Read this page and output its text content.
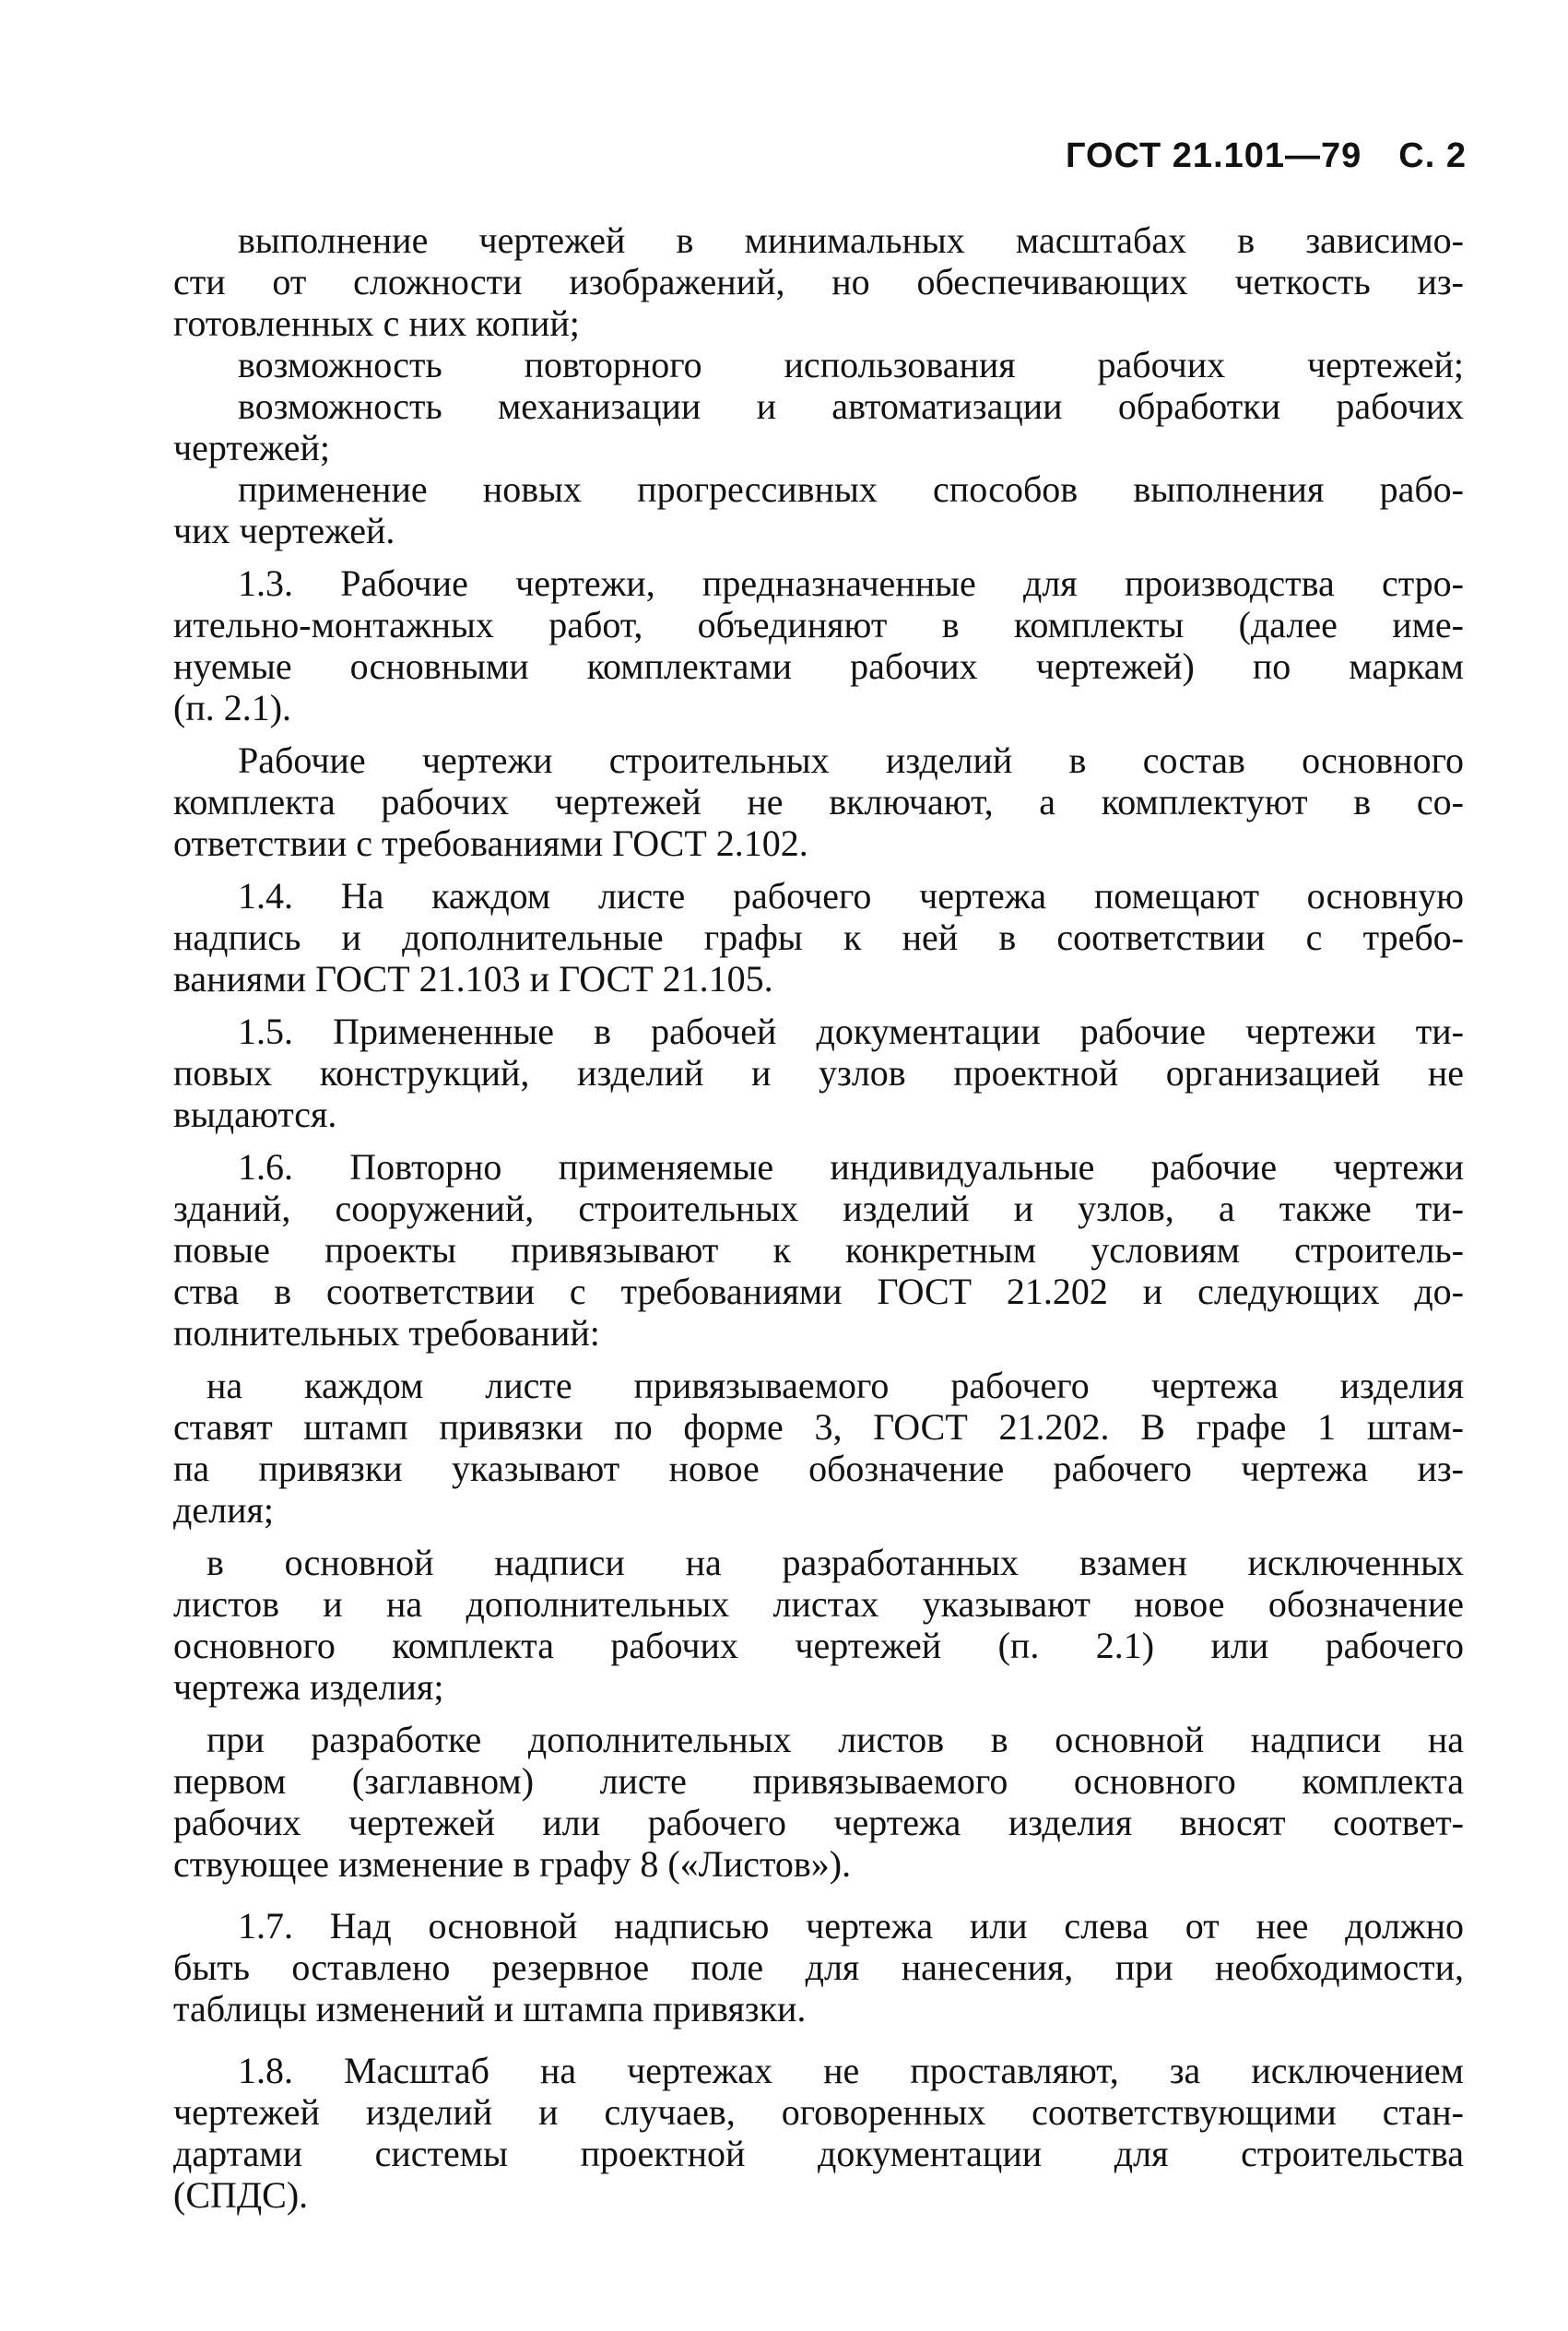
ГОСТ 21.101—79 С. 2
выполнение чертежей в минимальных масштабах в зависимо-
сти от сложности изображений, но обеспечивающих четкость из-
готовленных с них копий;
возможность повторного использования рабочих чертежей;
возможность механизации и автоматизации обработки рабочих
чертежей;
применение новых прогрессивных способов выполнения рабо-
чих чертежей.
1.3. Рабочие чертежи, предназначенные для производства стро-
ительно-монтажных работ, объединяют в комплекты (далее име-
нуемые основными комплектами рабочих чертежей) по маркам
(п. 2.1).
Рабочие чертежи строительных изделий в состав основного
комплекта рабочих чертежей не включают, а комплектуют в со-
ответствии с требованиями ГОСТ 2.102.
1.4. На каждом листе рабочего чертежа помещают основную
надпись и дополнительные графы к ней в соответствии с требо-
ваниями ГОСТ 21.103 и ГОСТ 21.105.
1.5. Примененные в рабочей документации рабочие чертежи ти-
повых конструкций, изделий и узлов проектной организацией не
выдаются.
1.6. Повторно применяемые индивидуальные рабочие чертежи
зданий, сооружений, строительных изделий и узлов, а также ти-
повые проекты привязывают к конкретным условиям строитель-
ства в соответствии с требованиями ГОСТ 21.202 и следующих до-
полнительных требований:
на каждом листе привязываемого рабочего чертежа изделия
ставят штамп привязки по форме 3, ГОСТ 21.202. В графе 1 штам-
па привязки указывают новое обозначение рабочего чертежа из-
делия;
в основной надписи на разработанных взамен исключенных
листов и на дополнительных листах указывают новое обозначение
основного комплекта рабочих чертежей (п. 2.1) или рабочего
чертежа изделия;
при разработке дополнительных листов в основной надписи на
первом (заглавном) листе привязываемого основного комплекта
рабочих чертежей или рабочего чертежа изделия вносят соответ-
ствующее изменение в графу 8 («Листов»).
1.7. Над основной надписью чертежа или слева от нее должно
быть оставлено резервное поле для нанесения, при необходимости,
таблицы изменений и штампа привязки.
1.8. Масштаб на чертежах не проставляют, за исключением
чертежей изделий и случаев, оговоренных соответствующими стан-
дартами системы проектной документации для строительства
(СПДС).
